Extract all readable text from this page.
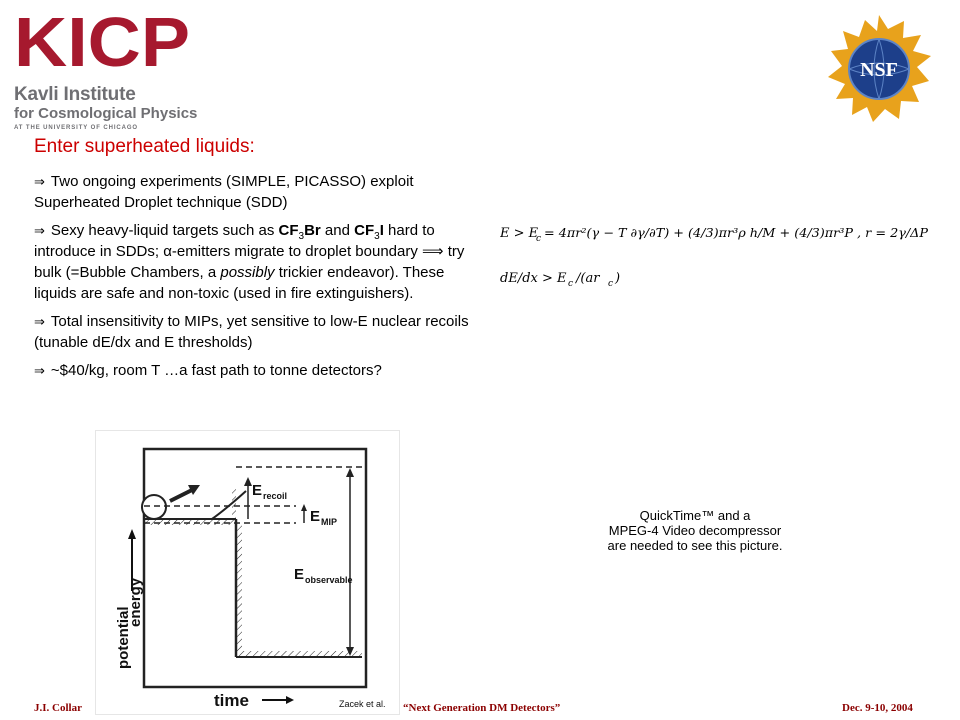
KICP
Kavli Institute
for Cosmological Physics
AT THE UNIVERSITY OF CHICAGO
NSF
Enter superheated liquids:
⇒ Two ongoing experiments (SIMPLE, PICASSO) exploit Superheated Droplet technique (SDD)
⇒ Sexy heavy-liquid targets such as $CF_3Br$ and $CF_3I$ hard to introduce in SDDs; α-emitters migrate to droplet boundary ⟹ try bulk (=Bubble Chambers, a possibly trickier endeavor). These liquids are safe and non-toxic (used in fire extinguishers).
⇒ Total insensitivity to MIPs, yet sensitive to low-E nuclear recoils (tunable dE/dx and E thresholds)
⇒ ~$40/kg, room T …a fast path to tonne detectors?
E > E
c = 4πr²(γ − T ∂γ/∂T) + (4/3)πr³ρ h/M + (4/3)πr³P , r = 2γ/ΔP
dE/dx > E c /(ar c )
E recoil
E MIP
E observable
time
potential
energy
Zacek et al.
QuickTime™ and a
MPEG-4 Video decompressor
are needed to see this picture.
J.I. Collar	“Next Generation DM Detectors”	Dec. 9-10, 2004
